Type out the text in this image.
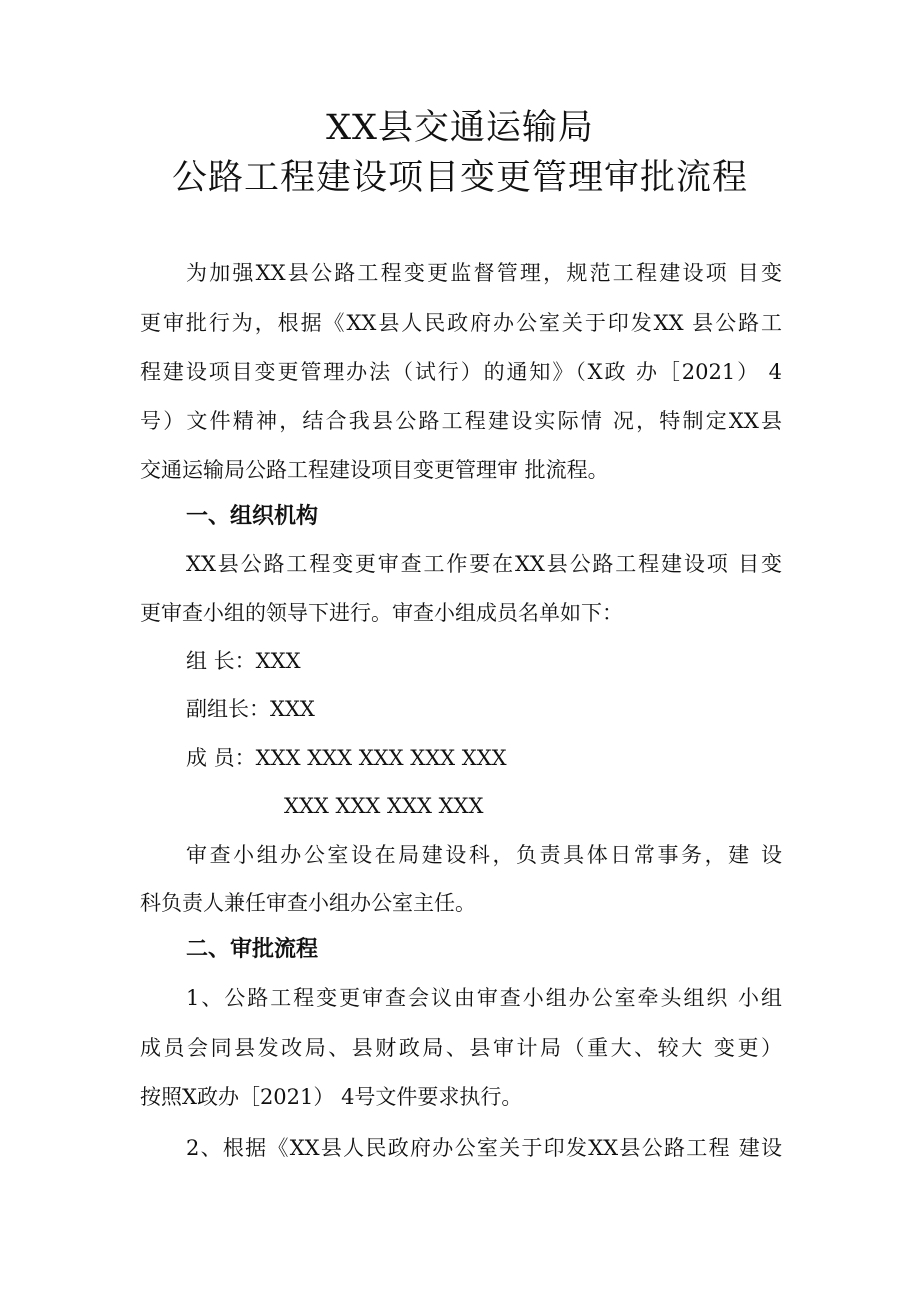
XX县交通运输局
公路工程建设项目变更管理审批流程
为加强XX县公路工程变更监督管理，规范工程建设项 目变
更审批行为，根据《XX县人民政府办公室关于印发XX 县公路工
程建设项目变更管理办法（试行）的通知》（X政 办［2021） 4
号）文件精神，结合我县公路工程建设实际情 况，特制定XX县
交通运输局公路工程建设项目变更管理审 批流程。
一、组织机构
XX县公路工程变更审查工作要在XX县公路工程建设项 目变
更审查小组的领导下进行。审查小组成员名单如下：
组 长：XXX
副组长：XXX
成 员：XXX XXX XXX XXX XXX
XXX XXX XXX XXX
审查小组办公室设在局建设科，负责具体日常事务，建 设
科负责人兼任审查小组办公室主任。
二、审批流程
1、公路工程变更审查会议由审查小组办公室牵头组织 小组
成员会同县发改局、县财政局、县审计局（重大、较大 变更）
按照X政办［2021） 4号文件要求执行。
2、根据《XX县人民政府办公室关于印发XX县公路工程 建设
